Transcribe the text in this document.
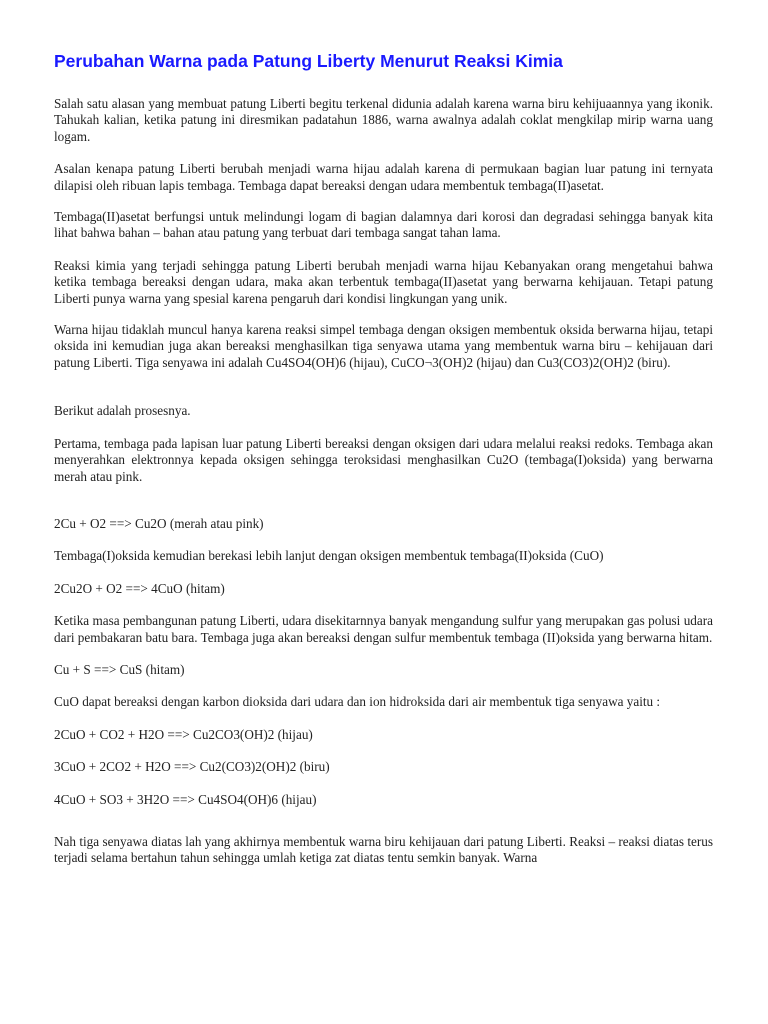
Perubahan Warna pada Patung Liberty Menurut Reaksi Kimia

Salah satu alasan yang membuat patung Liberti begitu terkenal didunia adalah karena warna biru kehijuaannya yang ikonik. Tahukah kalian, ketika patung ini diresmikan padatahun 1886, warna awalnya adalah coklat mengkilap mirip warna uang logam.

Asalan kenapa patung Liberti berubah menjadi warna hijau adalah karena di permukaan bagian luar patung ini ternyata dilapisi oleh ribuan lapis tembaga. Tembaga dapat bereaksi dengan udara membentuk tembaga(II)asetat.

Tembaga(II)asetat berfungsi untuk melindungi logam di bagian dalamnya dari korosi dan degradasi sehingga banyak kita lihat bahwa bahan – bahan atau patung yang terbuat dari tembaga sangat tahan lama.

Reaksi kimia yang terjadi sehingga patung Liberti berubah menjadi warna hijau Kebanyakan orang mengetahui bahwa ketika tembaga bereaksi dengan udara, maka akan terbentuk tembaga(II)asetat yang berwarna kehijauan. Tetapi patung Liberti punya warna yang spesial karena pengaruh dari kondisi lingkungan yang unik.

Warna hijau tidaklah muncul hanya karena reaksi simpel tembaga dengan oksigen membentuk oksida berwarna hijau, tetapi oksida ini kemudian juga akan bereaksi menghasilkan tiga senyawa utama yang membentuk warna biru – kehijauan dari patung Liberti. Tiga senyawa ini adalah Cu4SO4(OH)6 (hijau), CuCO¬3(OH)2 (hijau) dan Cu3(CO3)2(OH)2 (biru).

Berikut adalah prosesnya.

Pertama, tembaga pada lapisan luar patung Liberti bereaksi dengan oksigen dari udara melalui reaksi redoks. Tembaga akan menyerahkan elektronnya kepada oksigen sehingga teroksidasi menghasilkan Cu2O (tembaga(I)oksida) yang berwarna merah atau pink.

2Cu + O2 ==> Cu2O (merah atau pink)

Tembaga(I)oksida kemudian berekasi lebih lanjut dengan oksigen membentuk tembaga(II)oksida (CuO)

2Cu2O + O2 ==> 4CuO (hitam)

Ketika masa pembangunan patung Liberti, udara disekitarnnya banyak mengandung sulfur yang merupakan gas polusi udara dari pembakaran batu bara. Tembaga juga akan bereaksi dengan sulfur membentuk tembaga (II)oksida yang berwarna hitam.

Cu + S ==> CuS (hitam)

CuO dapat bereaksi dengan karbon dioksida dari udara dan ion hidroksida dari air membentuk tiga senyawa yaitu :

2CuO + CO2 + H2O ==> Cu2CO3(OH)2 (hijau)

3CuO + 2CO2 + H2O ==> Cu2(CO3)2(OH)2 (biru)

4CuO + SO3 + 3H2O ==> Cu4SO4(OH)6 (hijau)

Nah tiga senyawa diatas lah yang akhirnya membentuk warna biru kehijauan dari patung Liberti. Reaksi – reaksi diatas terus terjadi selama bertahun tahun sehingga umlah ketiga zat diatas tentu semkin banyak. Warna
